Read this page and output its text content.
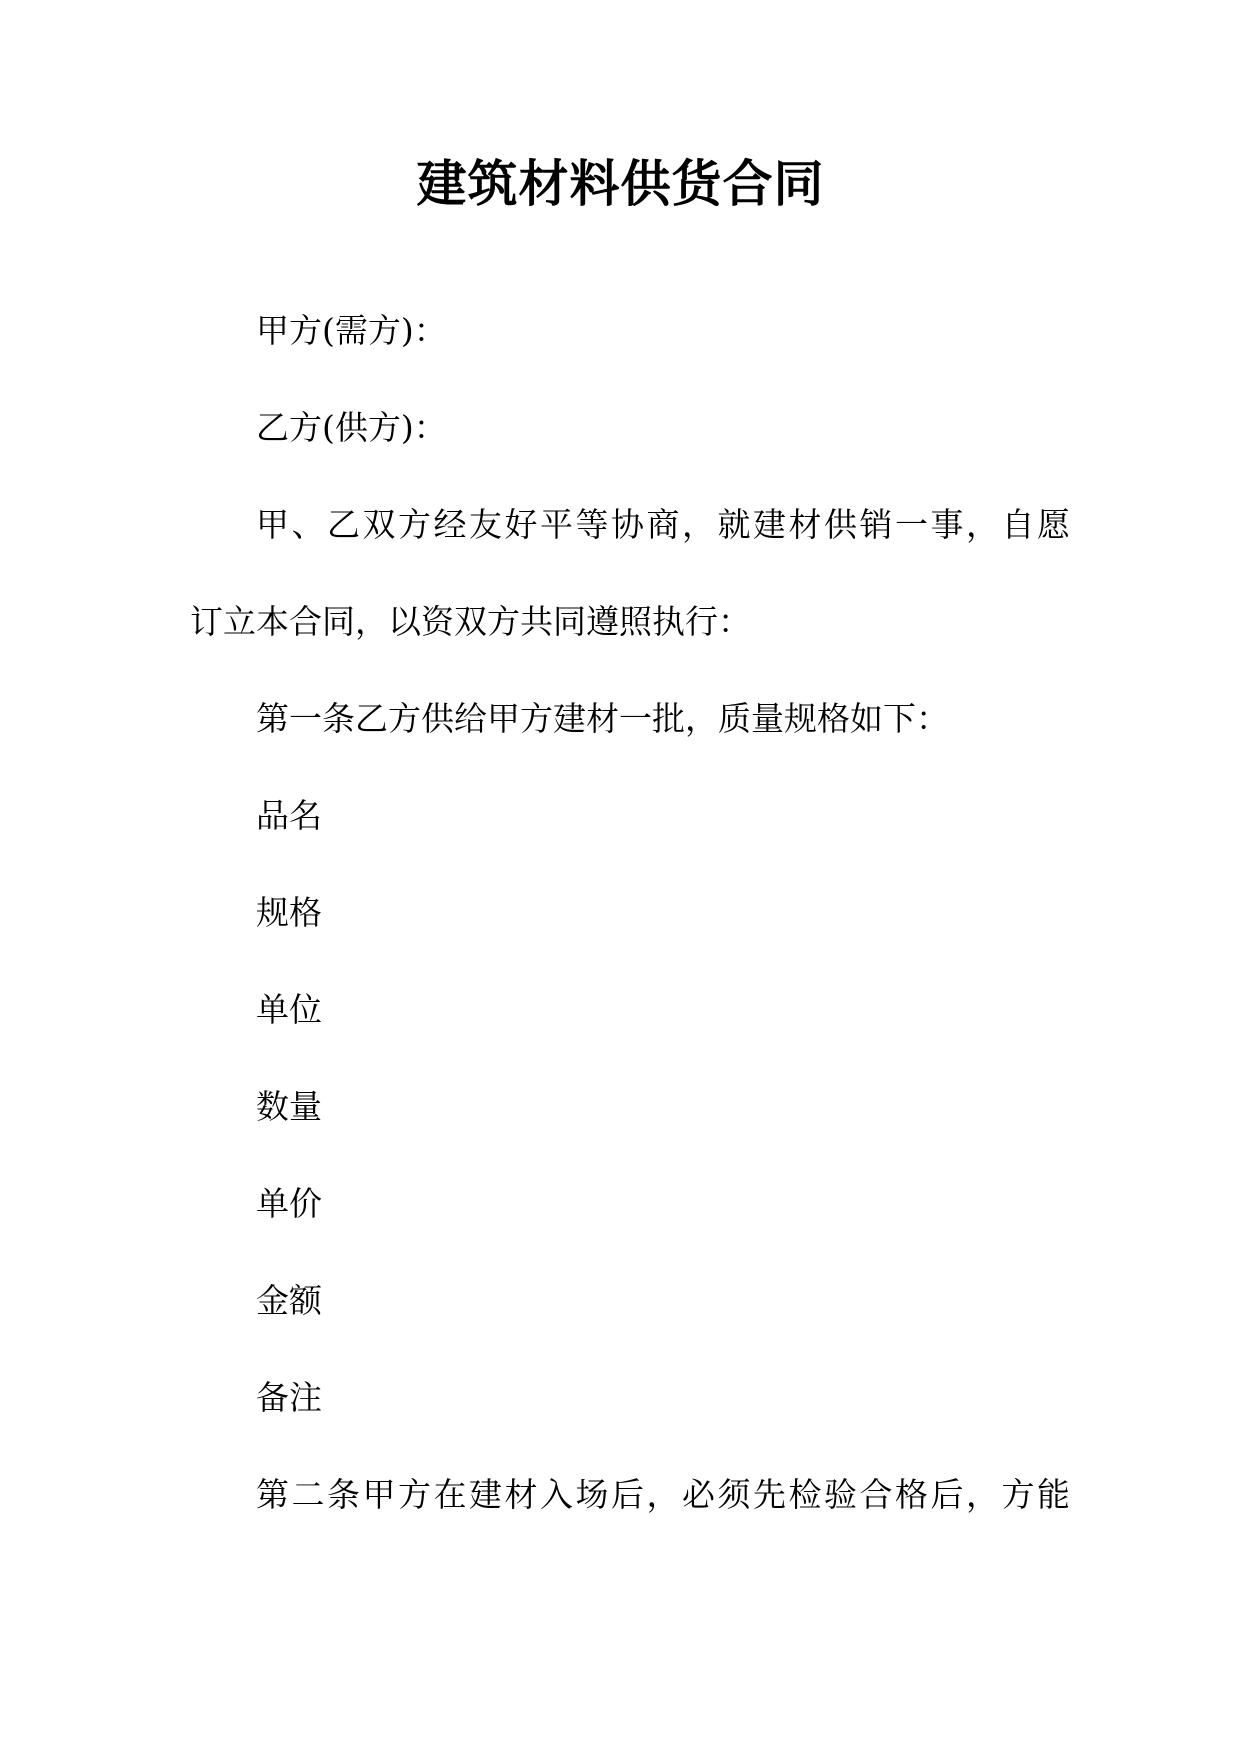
建筑材料供货合同
甲方(需方)：
乙方(供方)：
甲、乙双方经友好平等协商，就建材供销一事，自愿
订立本合同，以资双方共同遵照执行：
第一条乙方供给甲方建材一批，质量规格如下：
品名
规格
单位
数量
单价
金额
备注
第二条甲方在建材入场后，必须先检验合格后，方能
